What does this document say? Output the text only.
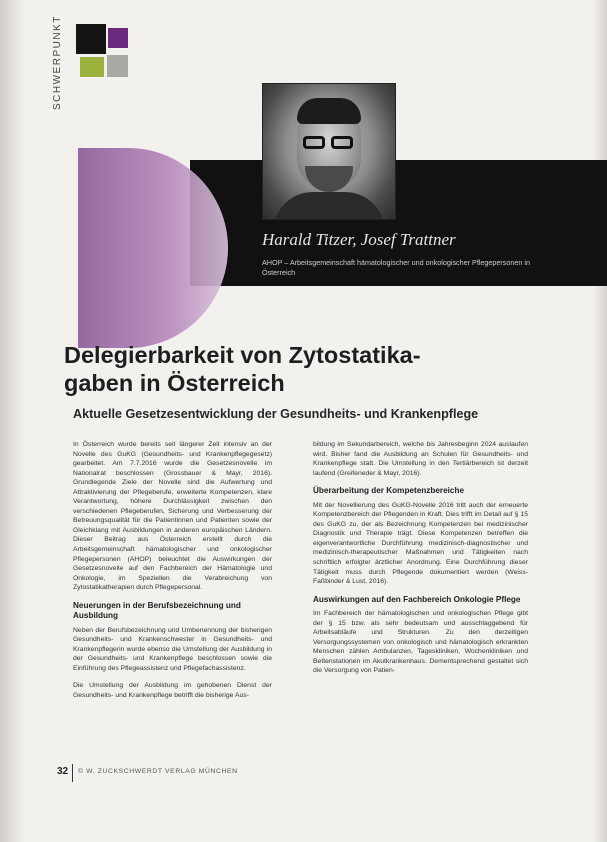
SCHWERPUNKT
Harald Titzer, Josef Trattner
AHOP – Arbeitsgemeinschaft hämatologischer und onkologischer Pflegepersonen in Österreich
Delegierbarkeit von Zytostatika-
gaben in Österreich
Aktuelle Gesetzesentwicklung der Gesundheits- und Krankenpflege

In Österreich wurde bereits seit längerer Zeit intensiv an der Novelle des GuKG (Gesundheits- und Krankenpflegegesetz) gearbeitet. Am 7.7.2016 wurde die Gesetzesnovelle im Nationalrat beschlossen (Grossbauer & Mayr, 2016). Grundlegende Ziele der Novelle sind die Aufwertung und Attraktivierung der Pflegeberufe, erweiterte Kompetenzen, klare Verantwortung, höhere Durchlässigkeit zwischen den verschiedenen Pflegeberufen, Sicherung und Verbesserung der Betreuungsqualität für die Patientinnen und Patienten sowie der Gleichklang mit Ausbildungen in anderen europäischen Ländern. Dieser Beitrag aus Österreich erstellt durch die Arbeitsgemeinschaft hämatologischer und onkologischer Pflegepersonen (AHOP) beleuchtet die Auswirkungen der Gesetzesnovelle auf den Fachbereich der Hämatologie und Onkologie, im Speziellen die Verabreichung von Zytostatikatherapien durch Pflegepersonal.

Neuerungen in der Berufsbezeichnung und Ausbildung

Neben der Berufsbezeichnung und Umbenennung der bisherigen Gesundheits- und Krankenschwester in Gesundheits- und Krankenpflegerin wurde ebenso die Umstellung der Ausbildung in der Gesundheits- und Krankenpflege beschlossen sowie die Einführung des Pflegeassistenz und Pflegefachassistenz.

Die Umstellung der Ausbildung im gehobenen Dienst der Gesundheits- und Krankenpflege betrifft die bisherige Aus-

bildung im Sekundarbereich, welche bis Jahresbeginn 2024 auslaufen wird. Bisher fand die Ausbildung an Schulen für Gesundheits- und Krankenpflege statt. Die Umstellung in den Tertiärbereich ist derzeit laufend (Greifeneder & Mayr, 2016).

Überarbeitung der Kompetenzbereiche

Mit der Novellierung des GuKG-Novelle 2016 tritt auch der erneuerte Kompetenzbereich der Pflegenden in Kraft. Dies trifft im Detail auf § 15 des GuKG zu, der als Bezeichnung Kompetenzen bei medizinischer Diagnostik und Therapie trägt. Diese Kompetenzen betreffen die eigenverantwortliche Durchführung medizinisch-diagnostischer und medizinisch-therapeutischer Maßnahmen und Tätigkeiten nach schriftlich erfolgter ärztlicher Anordnung. Eine Durchführung dieser Tätigkeit muss durch Pflegende dokumentiert werden (Weiss-Faßbinder & Lust, 2016).

Auswirkungen auf den Fachbereich Onkologie Pflege

Im Fachbereich der hämatologischen und onkologischen Pflege gibt der § 15 bzw. als sehr bedeutsam und ausschlaggebend für Arbeitsabläufe und Strukturen. Zu den derzeitigen Versorgungssystemen von onkologisch und hämatologisch erkrankten Menschen zählen Ambulanzen, Tageskliniken, Wochenkliniken und Bettenstationen im Akutkrankenhaus. Dementsprechend gestaltet sich die Versorgung von Patien-

32 © W. ZUCKSCHWERDT VERLAG MÜNCHEN
